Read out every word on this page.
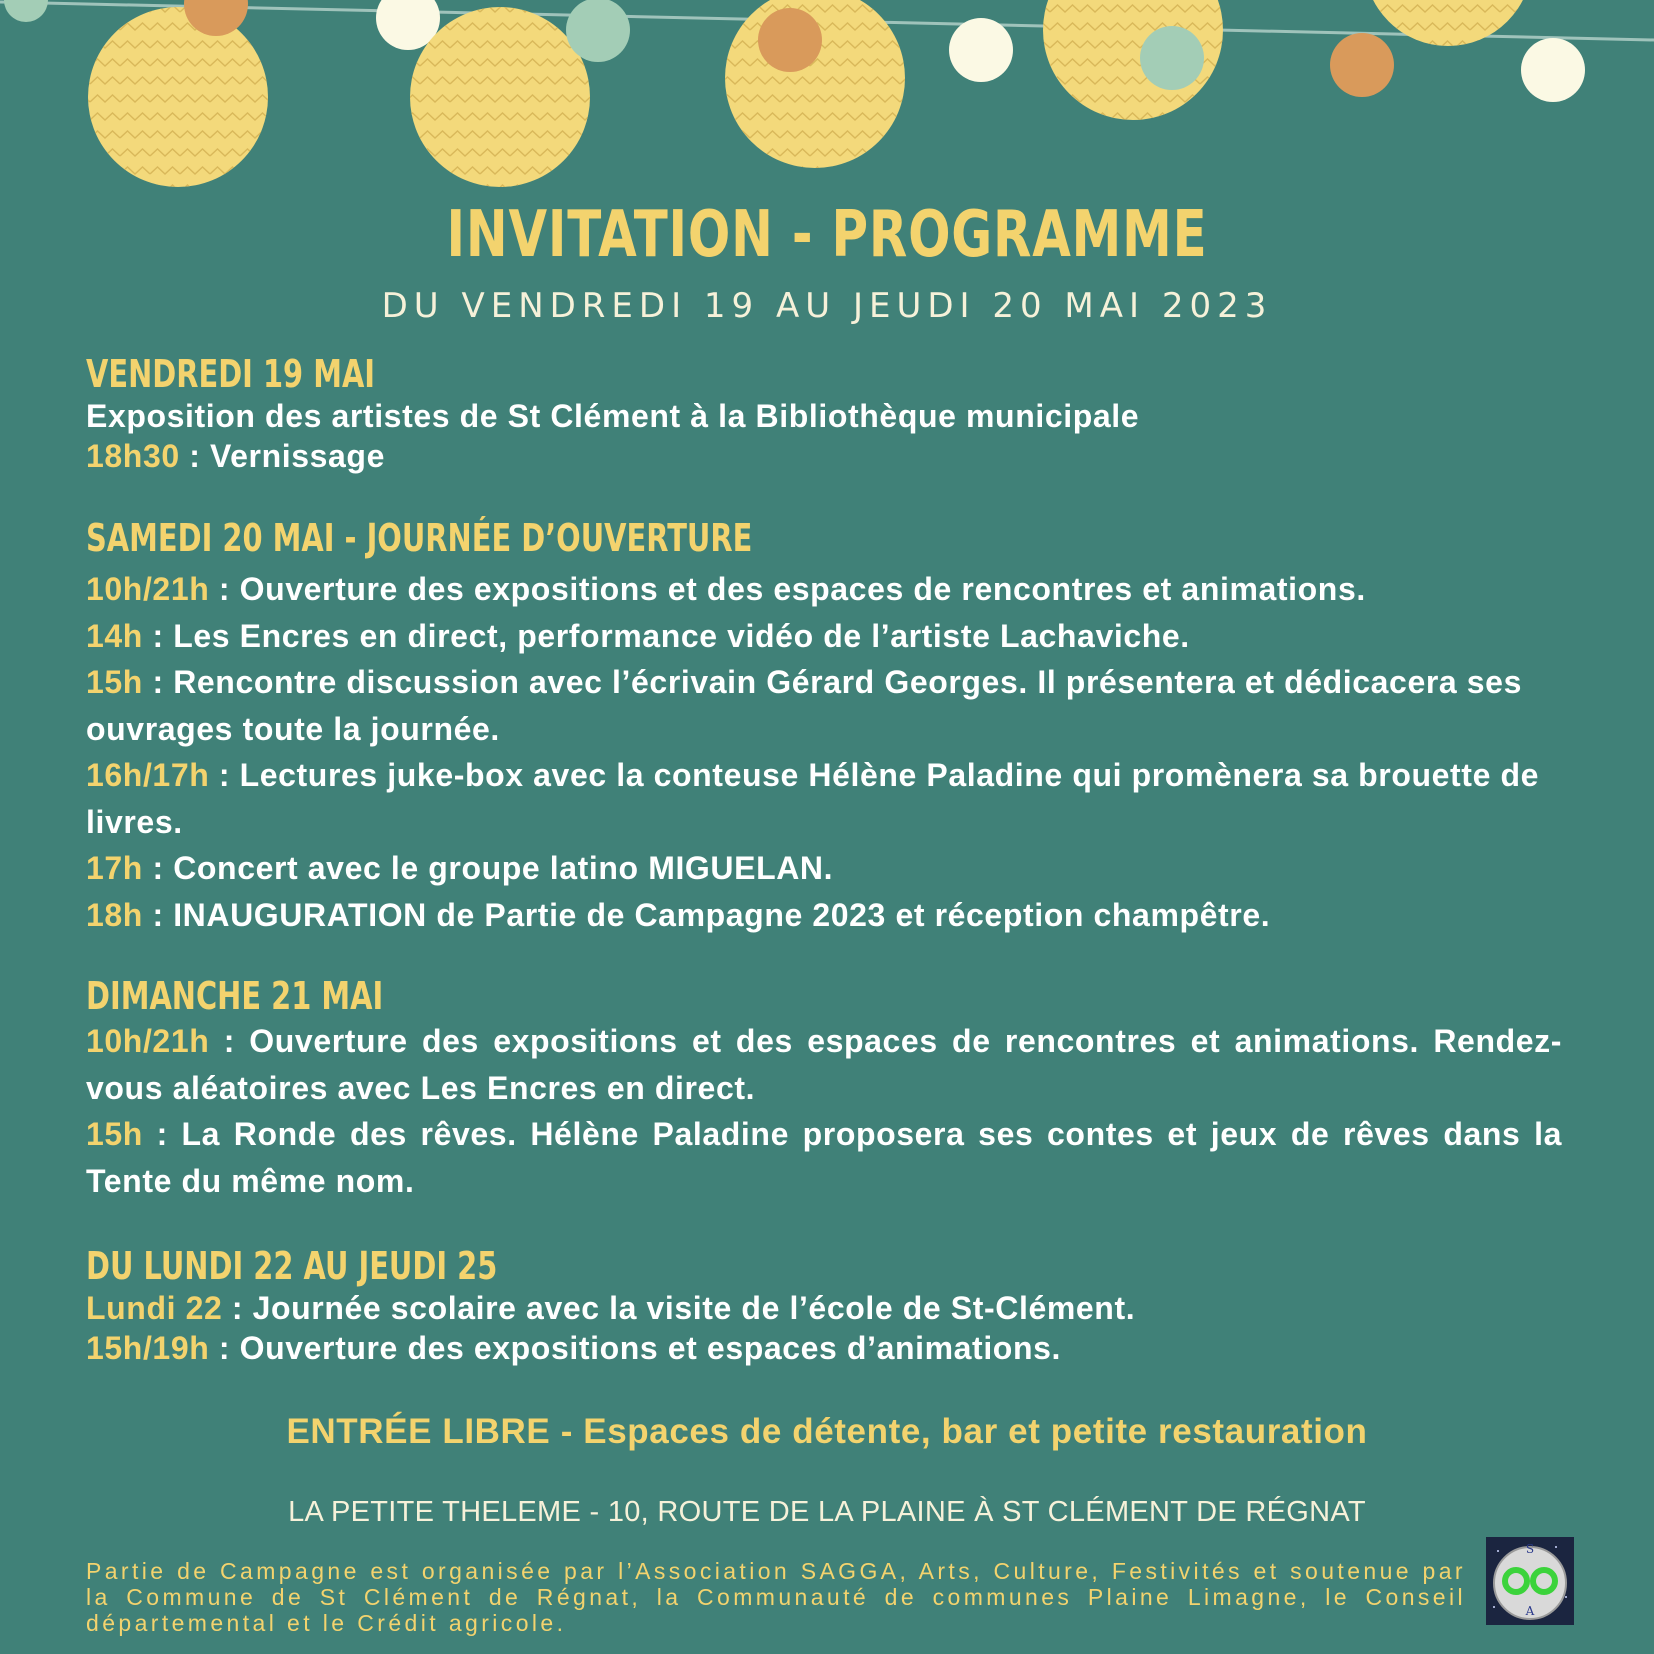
INVITATION - PROGRAMME
DU VENDREDI 19 AU JEUDI 20 MAI 2023
VENDREDI 19 MAI
Exposition des artistes de St Clément à la Bibliothèque municipale
18h30 : Vernissage
SAMEDI 20 MAI - JOURNÉE D’OUVERTURE
10h/21h : Ouverture des expositions et des espaces de rencontres et animations.
14h : Les Encres en direct, performance vidéo de l’artiste Lachaviche.
15h : Rencontre discussion avec l’écrivain Gérard Georges. Il présentera et dédicacera ses ouvrages toute la journée.
16h/17h : Lectures juke-box avec la conteuse Hélène Paladine qui promènera sa brouette de livres.
17h : Concert avec le groupe latino MIGUELAN.
18h : INAUGURATION de Partie de Campagne 2023 et réception champêtre.
DIMANCHE 21 MAI
10h/21h : Ouverture des expositions et des espaces de rencontres et animations. Rendez-vous aléatoires avec Les Encres en direct.
15h : La Ronde des rêves. Hélène Paladine proposera ses contes et jeux de rêves dans la Tente du même nom.
DU LUNDI 22 AU JEUDI 25
Lundi 22 : Journée scolaire avec la visite de l’école de St-Clément.
15h/19h : Ouverture des expositions et espaces d’animations.
ENTRÉE LIBRE - Espaces de détente, bar et petite restauration
LA PETITE THELEME - 10, ROUTE DE LA PLAINE À ST CLÉMENT DE RÉGNAT
Partie de Campagne est organisée par l’Association SAGGA, Arts, Culture, Festivités et soutenue par la Commune de St Clément de Régnat, la Communauté de communes Plaine Limagne, le Conseil départemental et le Crédit agricole.
S
A
